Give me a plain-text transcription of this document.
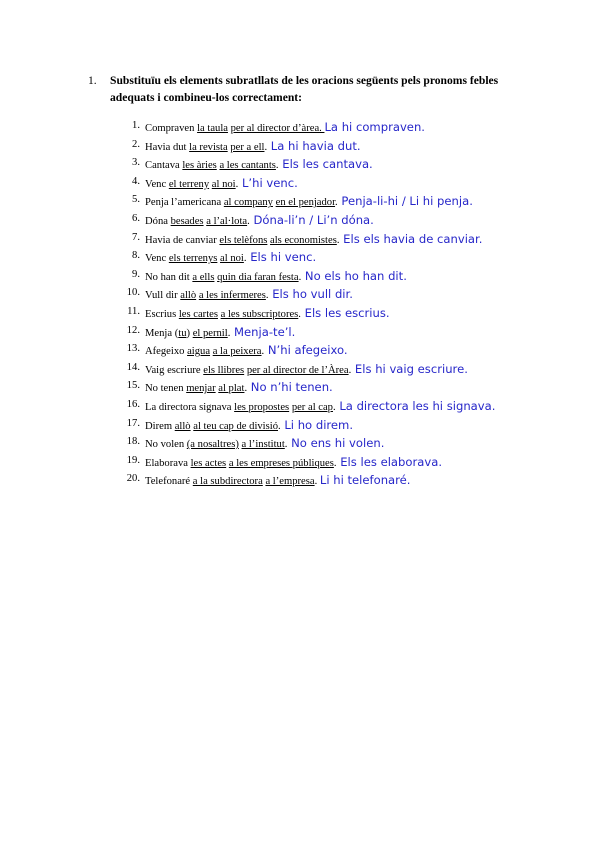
1. Substituïu els elements subratllats de les oracions següents pels pronoms febles adequats i combineu-los correctament:
1. Compraven la taula per al director d’àrea. La hi compraven.
2. Havia dut la revista per a ell. La hi havia dut.
3. Cantava les àries a les cantants. Els les cantava.
4. Venc el terreny al noi. L’hi venc.
5. Penja l’americana al company en el penjador. Penja-li-hi / Li hi penja.
6. Dóna besades a l’al·lota. Dóna-li’n / Li’n dóna.
7. Havia de canviar els telèfons als economistes. Els els havia de canviar.
8. Venc els terrenys al noi. Els hi venc.
9. No han dit a ells quin dia faran festa. No els ho han dit.
10. Vull dir allò a les infermeres. Els ho vull dir.
11. Escrius les cartes a les subscriptores. Els les escrius.
12. Menja (tu) el pernil. Menja-te’l.
13. Afegeixo aigua a la peixera. N’hi afegeixo.
14. Vaig escriure els llibres per al director de l’Àrea. Els hi vaig escriure.
15. No tenen menjar al plat. No n’hi tenen.
16. La directora signava les propostes per al cap. La directora les hi signava.
17. Direm allò al teu cap de divisió. Li ho direm.
18. No volen (a nosaltres) a l’institut. No ens hi volen.
19. Elaborava les actes a les empreses públiques. Els les elaborava.
20. Telefonaré a la subdirectora a l’empresa. Li hi telefonaré.
